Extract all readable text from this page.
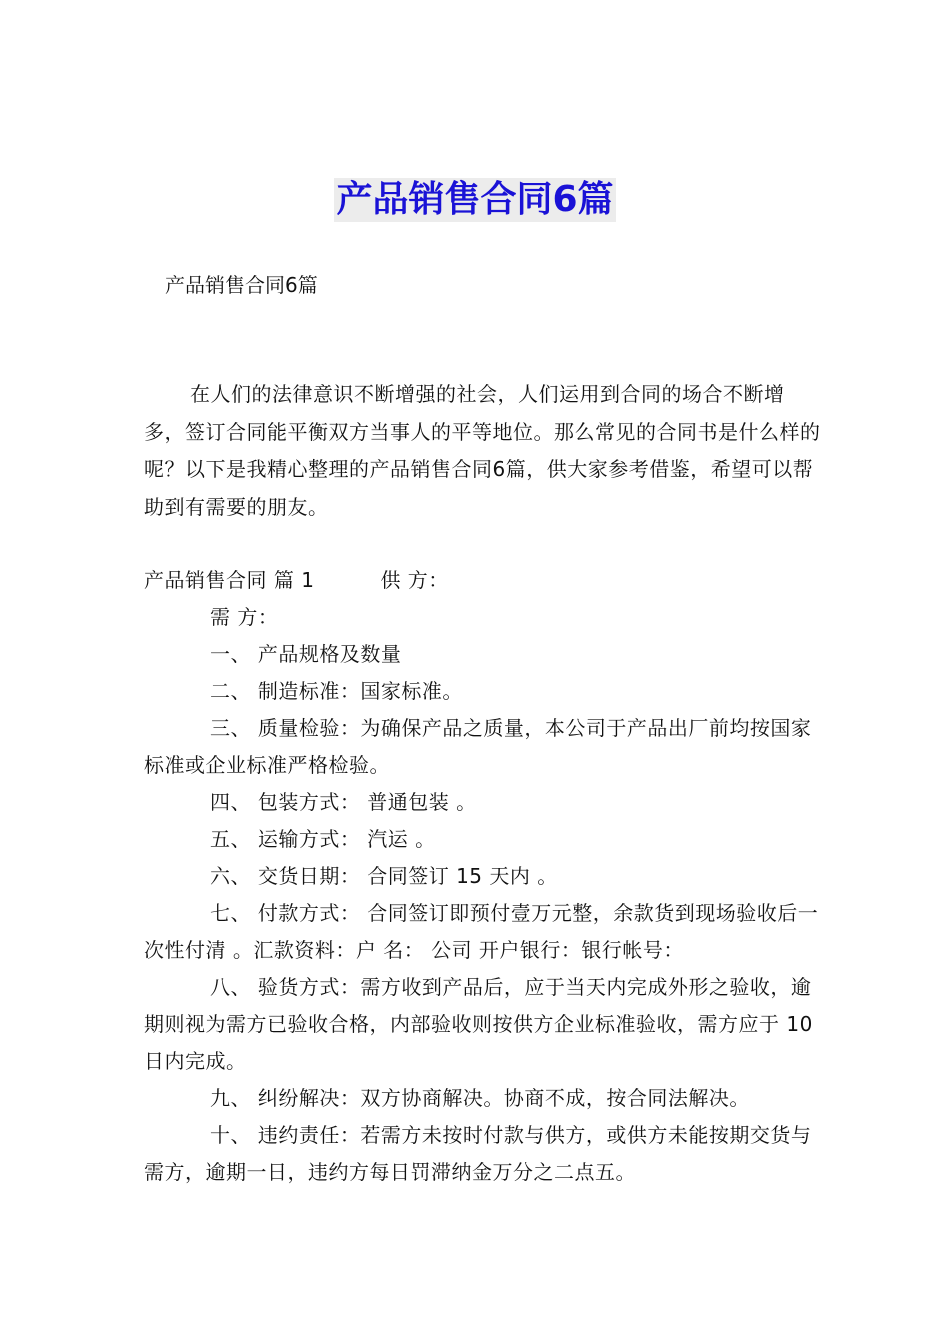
产品销售合同6篇
产品销售合同6篇
在人们的法律意识不断增强的社会，人们运用到合同的场合不断增多，签订合同能平衡双方当事人的平等地位。那么常见的合同书是什么样的呢？以下是我精心整理的产品销售合同6篇，供大家参考借鉴，希望可以帮助到有需要的朋友。

产品销售合同 篇 1	供 方：

需 方：

一、 产品规格及数量

二、 制造标准：国家标准。

三、 质量检验：为确保产品之质量，本公司于产品出厂前均按国家标准或企业标准严格检验。

四、 包装方式： 普通包装 。

五、 运输方式： 汽运 。

六、 交货日期： 合同签订 15 天内 。

七、 付款方式： 合同签订即预付壹万元整，余款货到现场验收后一次性付清 。汇款资料：户 名： 公司 开户银行：银行帐号：

八、 验货方式：需方收到产品后，应于当天内完成外形之验收，逾期则视为需方已验收合格，内部验收则按供方企业标准验收，需方应于 10 日内完成。

九、 纠纷解决：双方协商解决。协商不成，按合同法解决。

十、 违约责任：若需方未按时付款与供方，或供方未能按期交货与需方，逾期一日，违约方每日罚滞纳金万分之二点五。
